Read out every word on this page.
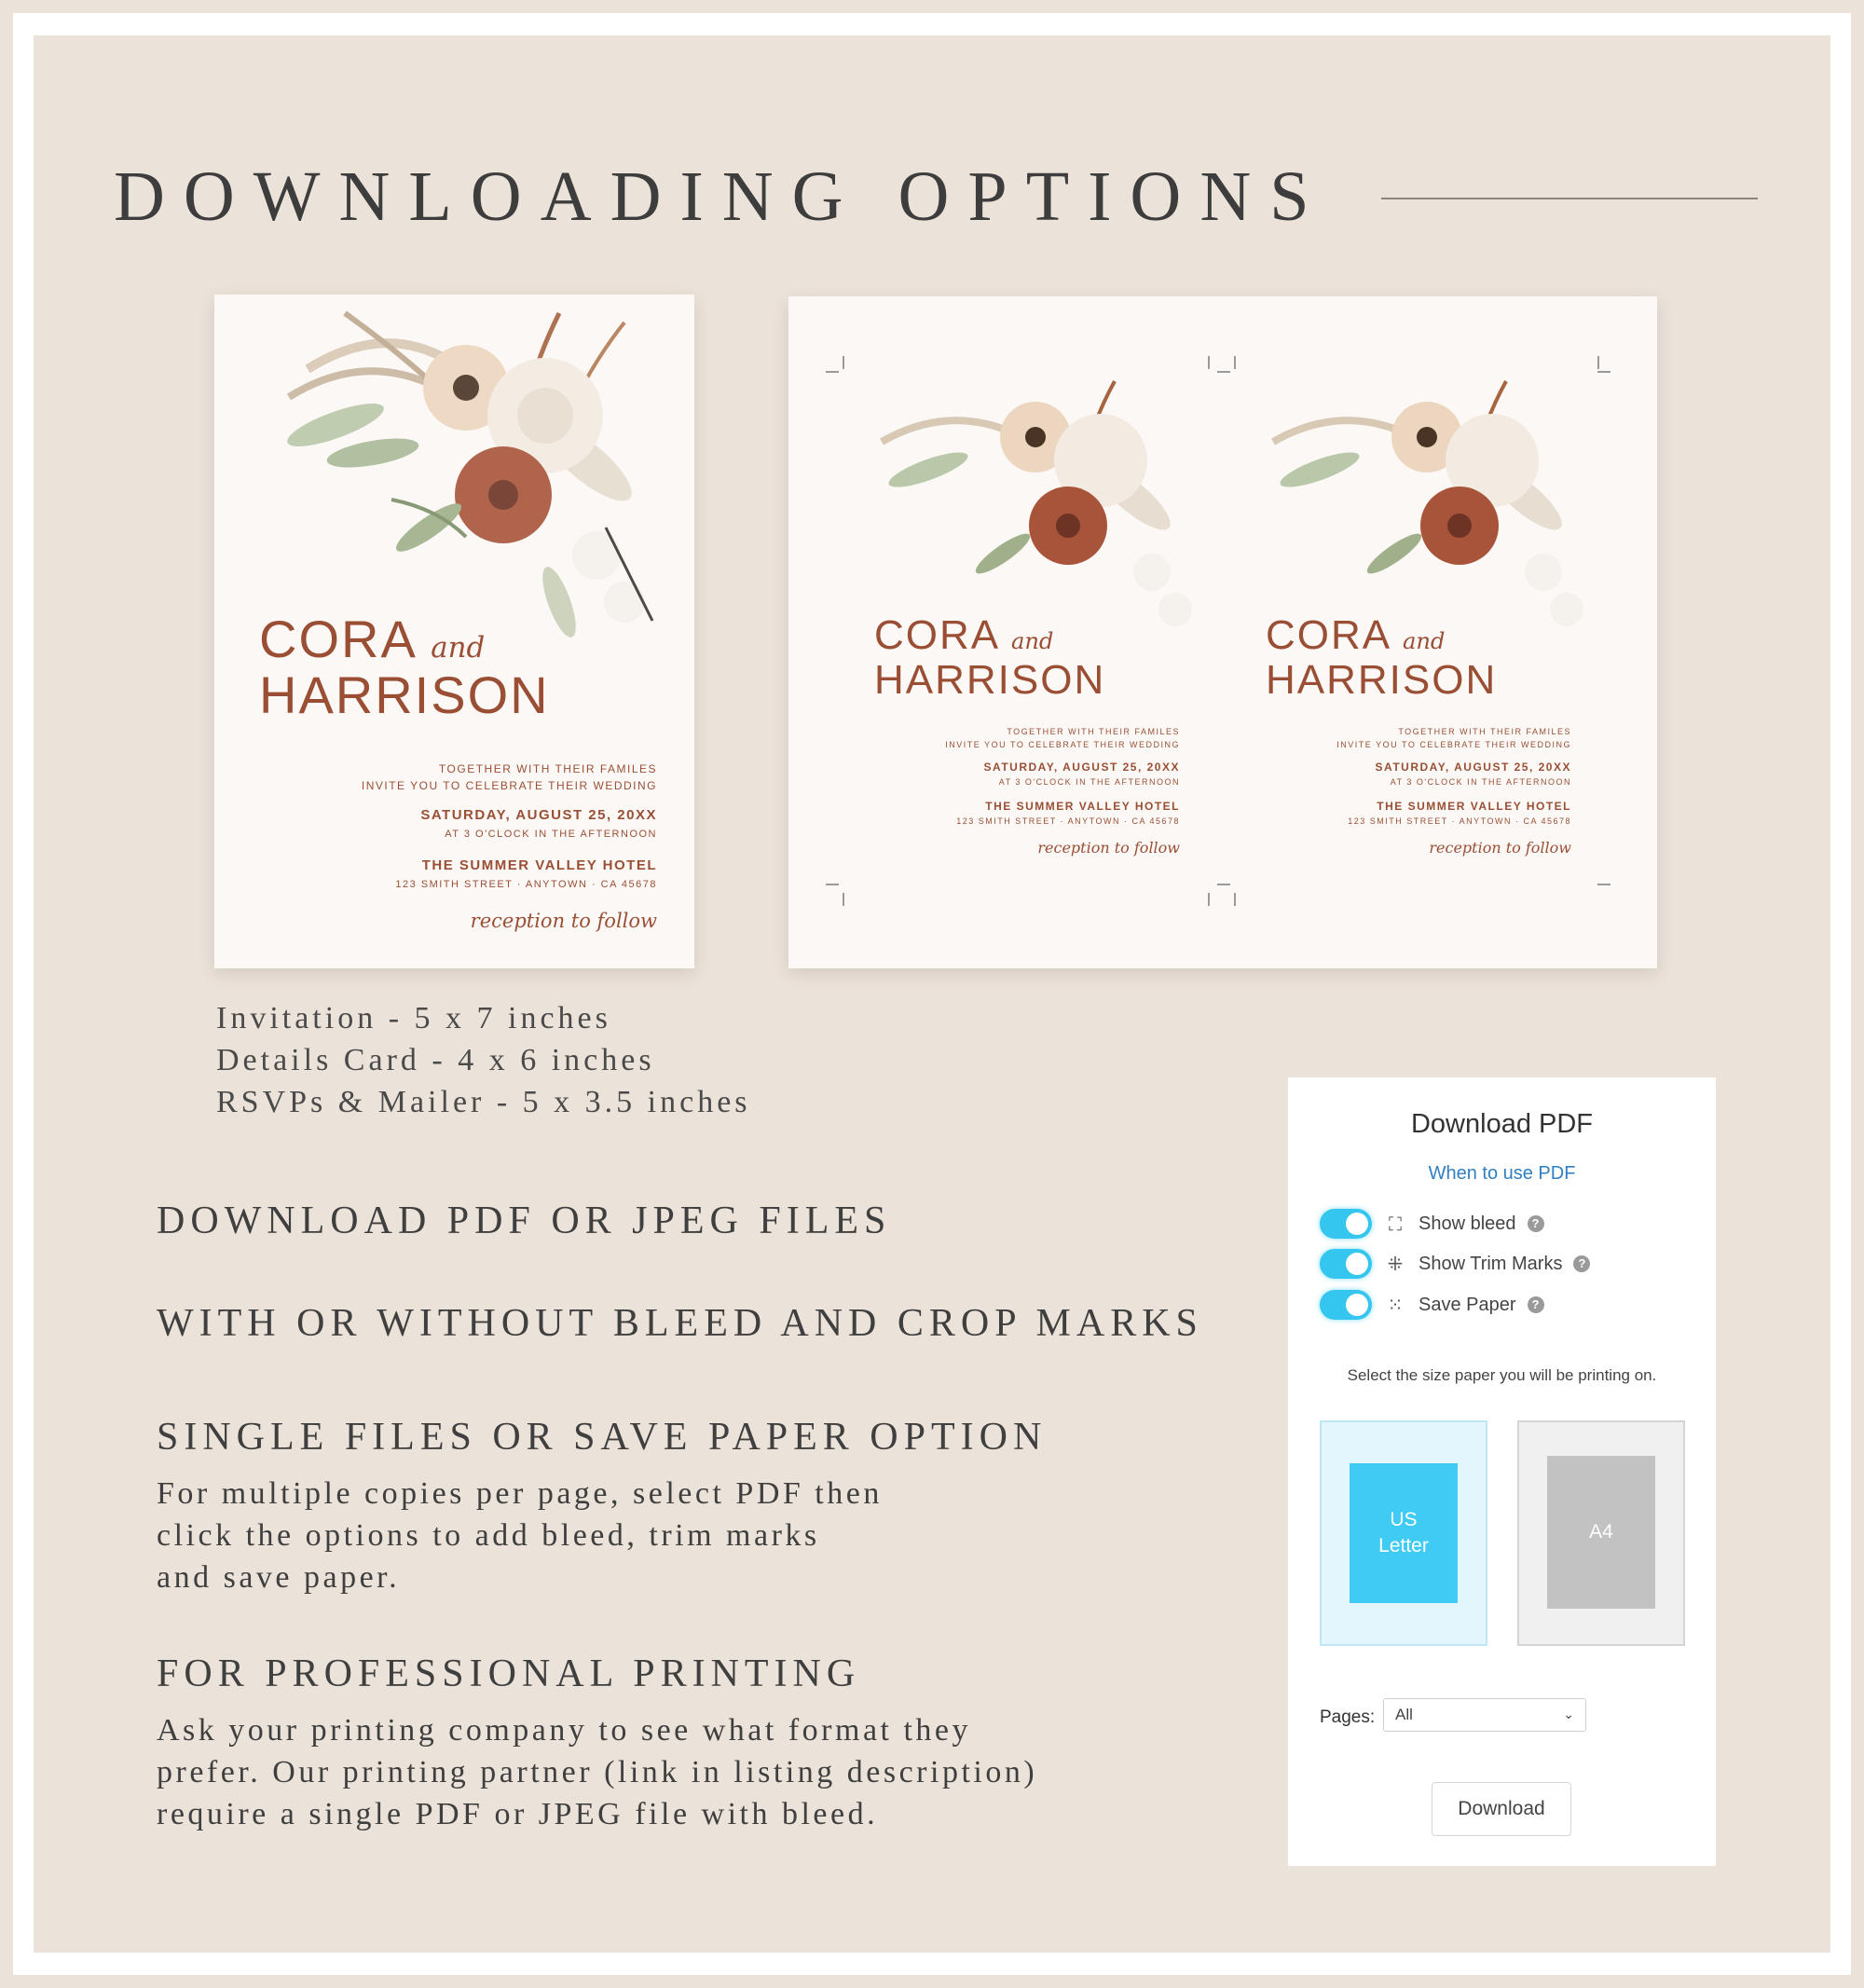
DOWNLOADING OPTIONS
CORA and
HARRISON
TOGETHER WITH THEIR FAMILES
INVITE YOU TO CELEBRATE THEIR WEDDING
SATURDAY, AUGUST 25, 20XX
AT 3 O'CLOCK IN THE AFTERNOON
THE SUMMER VALLEY HOTEL
123 SMITH STREET · ANYTOWN · CA 45678
reception to follow
CORA and
HARRISON
TOGETHER WITH THEIR FAMILES
INVITE YOU TO CELEBRATE THEIR WEDDING
SATURDAY, AUGUST 25, 20XX
AT 3 O'CLOCK IN THE AFTERNOON
THE SUMMER VALLEY HOTEL
123 SMITH STREET · ANYTOWN · CA 45678
reception to follow
CORA and
HARRISON
TOGETHER WITH THEIR FAMILES
INVITE YOU TO CELEBRATE THEIR WEDDING
SATURDAY, AUGUST 25, 20XX
AT 3 O'CLOCK IN THE AFTERNOON
THE SUMMER VALLEY HOTEL
123 SMITH STREET · ANYTOWN · CA 45678
reception to follow
Invitation - 5 x 7 inches
Details Card - 4 x 6 inches
RSVPs & Mailer - 5 x 3.5 inches
DOWNLOAD PDF OR JPEG FILES
WITH OR WITHOUT BLEED AND CROP MARKS
SINGLE FILES OR SAVE PAPER OPTION
For multiple copies per page, select PDF then
click the options to add bleed, trim marks
and save paper.
FOR PROFESSIONAL PRINTING
Ask your printing company to see what format they
prefer. Our printing partner (link in listing description)
require a single PDF or JPEG file with bleed.
Download PDF
When to use PDF
⛶ Show bleed	?
⁜ Show Trim Marks	?
⁙ Save Paper	?
Select the size paper you will be printing on.
US
Letter
A4
Pages: All	⌄
Download
